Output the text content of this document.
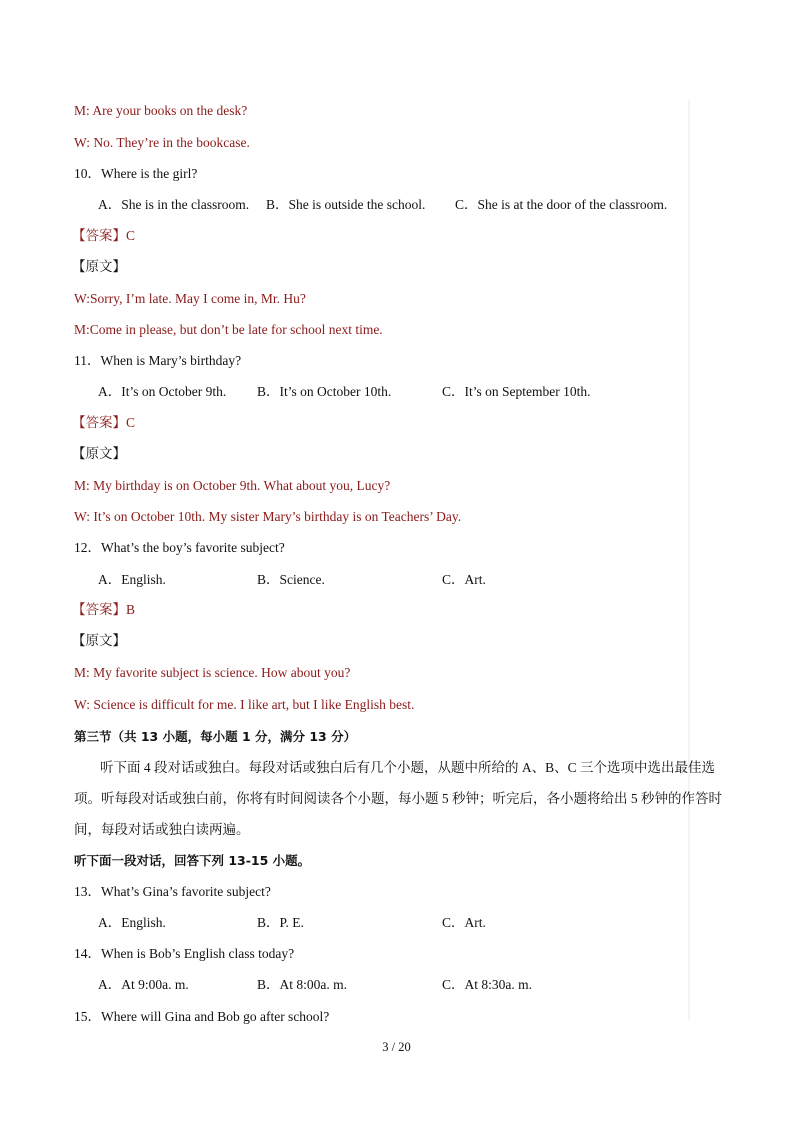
M: Are your books on the desk?
W: No. They’re in the bookcase.
10．Where is the girl?
A．She is in the classroom. B．She is outside the school. C．She is at the door of the classroom.
【答案】C
【原文】
W:Sorry, I’m late. May I come in, Mr. Hu?
M:Come in please, but don’t be late for school next time.
11．When is Mary’s birthday?
A．It’s on October 9th. B．It’s on October 10th.	C．It’s on September 10th.
【答案】C
【原文】
M: My birthday is on October 9th. What about you, Lucy?
W: It’s on October 10th. My sister Mary’s birthday is on Teachers’ Day.
12．What’s the boy’s favorite subject?
A．English.	B．Science.	C．Art.
【答案】B
【原文】
M: My favorite subject is science. How about you?
W: Science is difficult for me. I like art, but I like English best.
第三节（共 13 小题，每小题 1 分，满分 13 分）
听下面 4 段对话或独白。每段对话或独白后有几个小题，从题中所给的 A、B、C 三个选项中选出最佳选项。听每段对话或独白前，你将有时间阅读各个小题，每小题 5 秒钟；听完后，各小题将给出 5 秒钟的作答时间，每段对话或独白读两遍。
听下面一段对话，回答下列 13-15 小题。
13．What’s Gina’s favorite subject?
A．English.	B．P. E.	C．Art.
14．When is Bob’s English class today?
A．At 9:00a. m.	B．At 8:00a. m.	C．At 8:30a. m.
15．Where will Gina and Bob go after school?
3 / 20
